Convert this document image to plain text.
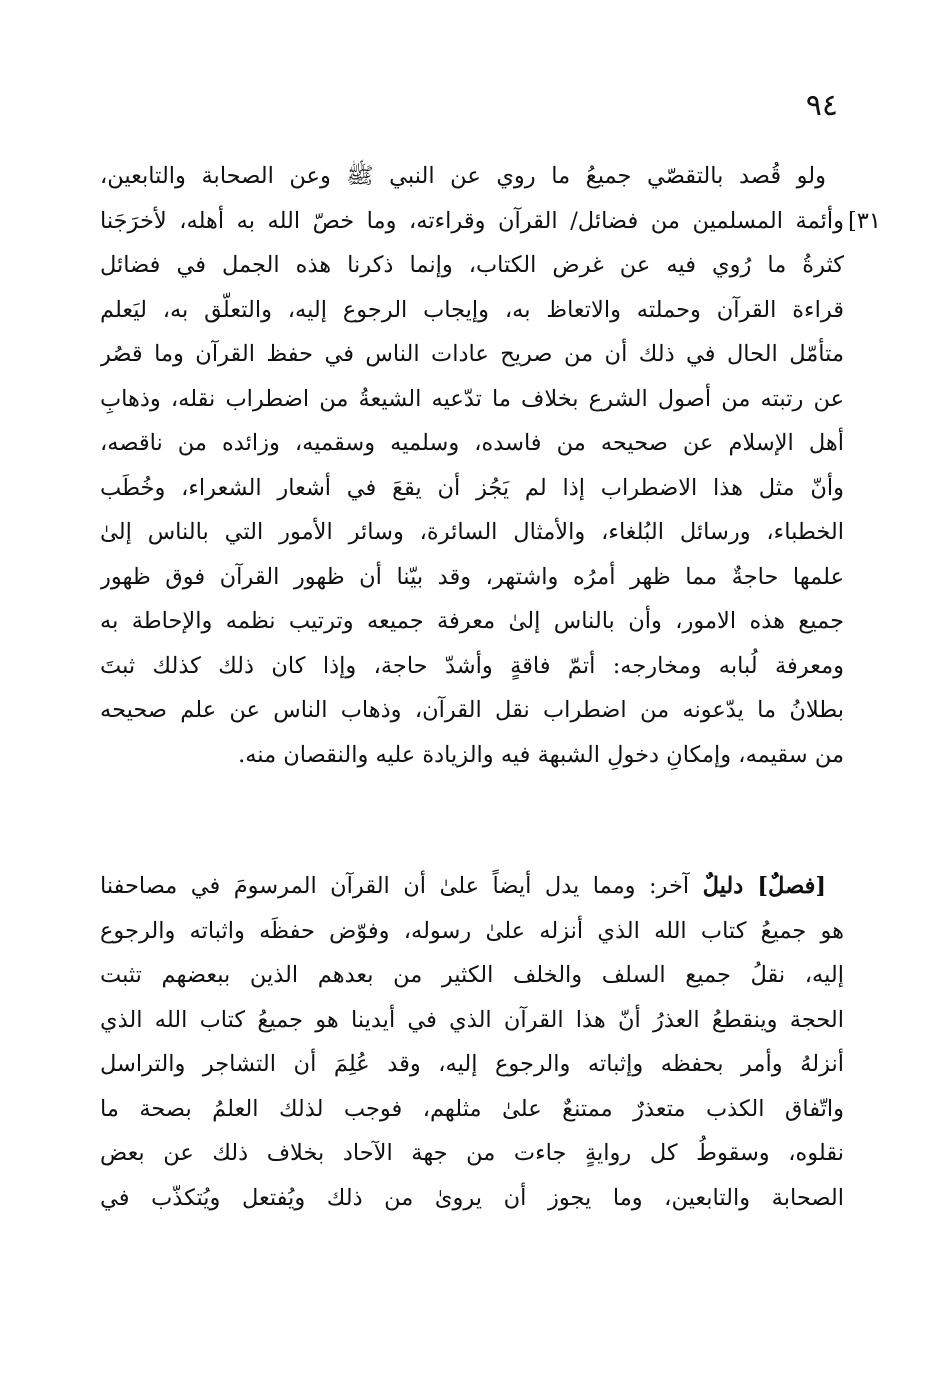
٩٤
[٣١
ولو قُصد بالتقصّي جميعُ ما روي عن النبي ﷺ وعن الصحابة والتابعين،
وأئمة المسلمين من فضائل/ القرآن وقراءته، وما خصّ الله به أهله، لأخرَجَنا
كثرةُ ما رُوي فيه عن غرض الكتاب، وإنما ذكرنا هذه الجمل في فضائل
قراءة القرآن وحملته والاتعاظ به، وإيجاب الرجوع إليه، والتعلّق به، ليَعلم
متأمّل الحال في ذلك أن من صريح عادات الناس في حفظ القرآن وما قصُر
عن رتبته من أصول الشرع بخلاف ما تدّعيه الشيعةُ من اضطراب نقله، وذهابِ
أهل الإسلام عن صحيحه من فاسده، وسلميه وسقميه، وزائده من ناقصه،
وأنّ مثل هذا الاضطراب إذا لم يَجُز أن يقعَ في أشعار الشعراء، وخُطَب
الخطباء، ورسائل البُلغاء، والأمثال السائرة، وسائر الأمور التي بالناس إلىٰ
علمها حاجةٌ مما ظهر أمرُه واشتهر، وقد بيّنا أن ظهور القرآن فوق ظهور
جميع هذه الامور، وأن بالناس إلىٰ معرفة جميعه وترتيب نظمه والإحاطة به
ومعرفة لُبابه ومخارجه: أتمّ فاقةٍ وأشدّ حاجة، وإذا كان ذلك كذلك ثبتَ
بطلانُ ما يدّعونه من اضطراب نقل القرآن، وذهاب الناس عن علم صحيحه
من سقيمه، وإمكانِ دخولِ الشبهة فيه والزيادة عليه والنقصان منه.
[فصلٌ] دليلٌ آخر: ومما يدل أيضاً علىٰ أن القرآن المرسومَ في مصاحفنا
هو جميعُ كتاب الله الذي أنزله علىٰ رسوله، وفوّض حفظَه واثباته والرجوع
إليه، نقلُ جميع السلف والخلف الكثير من بعدهم الذين ببعضهم تثبت
الحجة وينقطعُ العذرُ أنّ هذا القرآن الذي في أيدينا هو جميعُ كتاب الله الذي
أنزلهُ وأمر بحفظه وإثباته والرجوع إليه، وقد عُلِمَ أن التشاجر والتراسل
واتّفاق الكذب متعذرٌ ممتنعٌ علىٰ مثلهم، فوجب لذلك العلمُ بصحة ما
نقلوه، وسقوطُ كل روايةٍ جاءت من جهة الآحاد بخلاف ذلك عن بعض
الصحابة والتابعين، وما يجوز أن يروىٰ من ذلك ويُفتعل ويُتكذّب في
